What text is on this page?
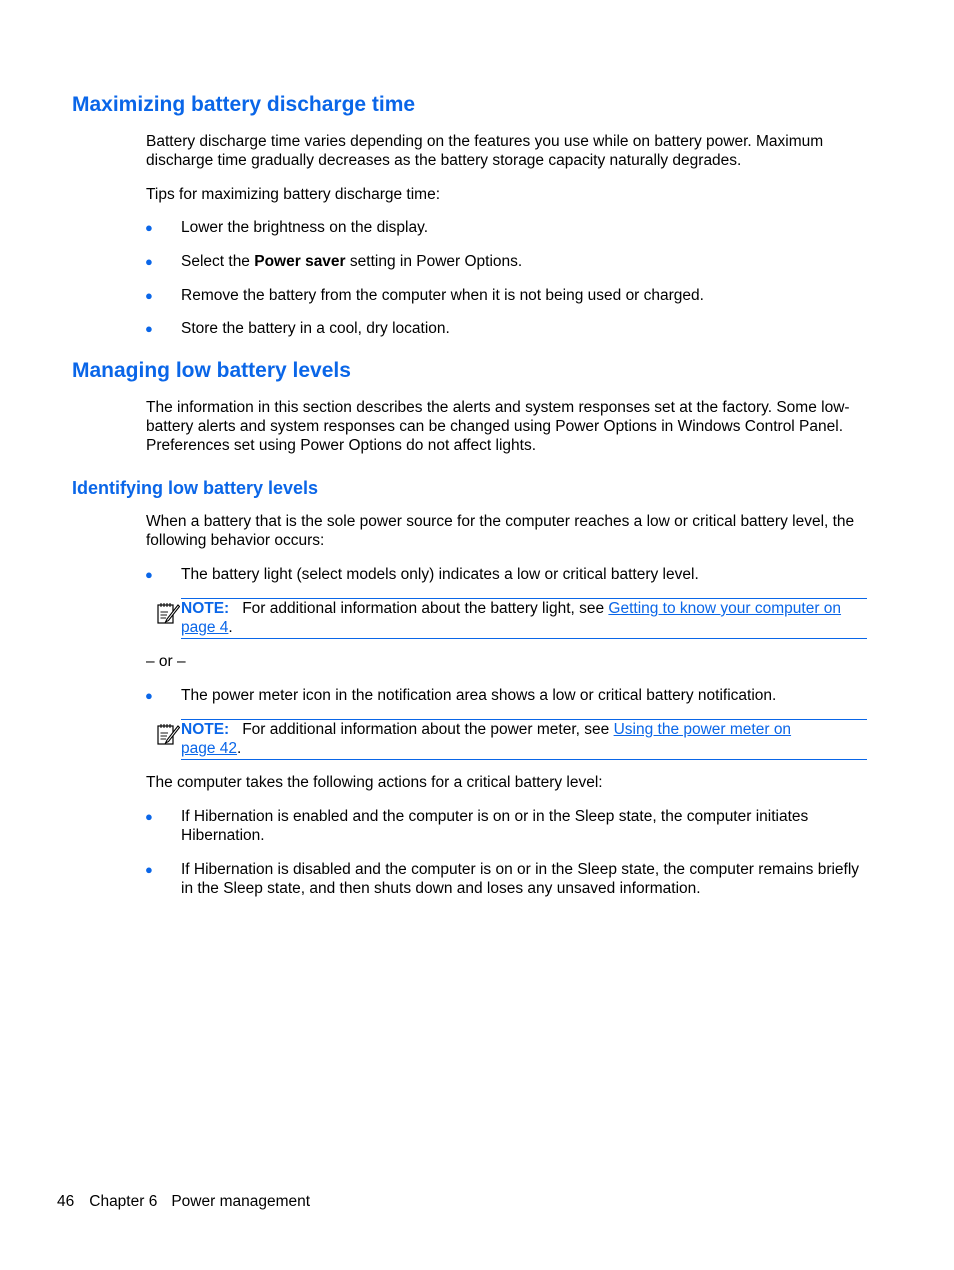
Maximizing battery discharge time
Battery discharge time varies depending on the features you use while on battery power. Maximum discharge time gradually decreases as the battery storage capacity naturally degrades.
Tips for maximizing battery discharge time:
● Lower the brightness on the display.
● Select the Power saver setting in Power Options.
● Remove the battery from the computer when it is not being used or charged.
● Store the battery in a cool, dry location.
Managing low battery levels
The information in this section describes the alerts and system responses set at the factory. Some low-battery alerts and system responses can be changed using Power Options in Windows Control Panel. Preferences set using Power Options do not affect lights.
Identifying low battery levels
When a battery that is the sole power source for the computer reaches a low or critical battery level, the following behavior occurs:
● The battery light (select models only) indicates a low or critical battery level.
NOTE: For additional information about the battery light, see Getting to know your computer on page 4.
– or –
● The power meter icon in the notification area shows a low or critical battery notification.
NOTE: For additional information about the power meter, see Using the power meter on page 42.
The computer takes the following actions for a critical battery level:
● If Hibernation is enabled and the computer is on or in the Sleep state, the computer initiates Hibernation.
● If Hibernation is disabled and the computer is on or in the Sleep state, the computer remains briefly in the Sleep state, and then shuts down and loses any unsaved information.
46 Chapter 6 Power management
